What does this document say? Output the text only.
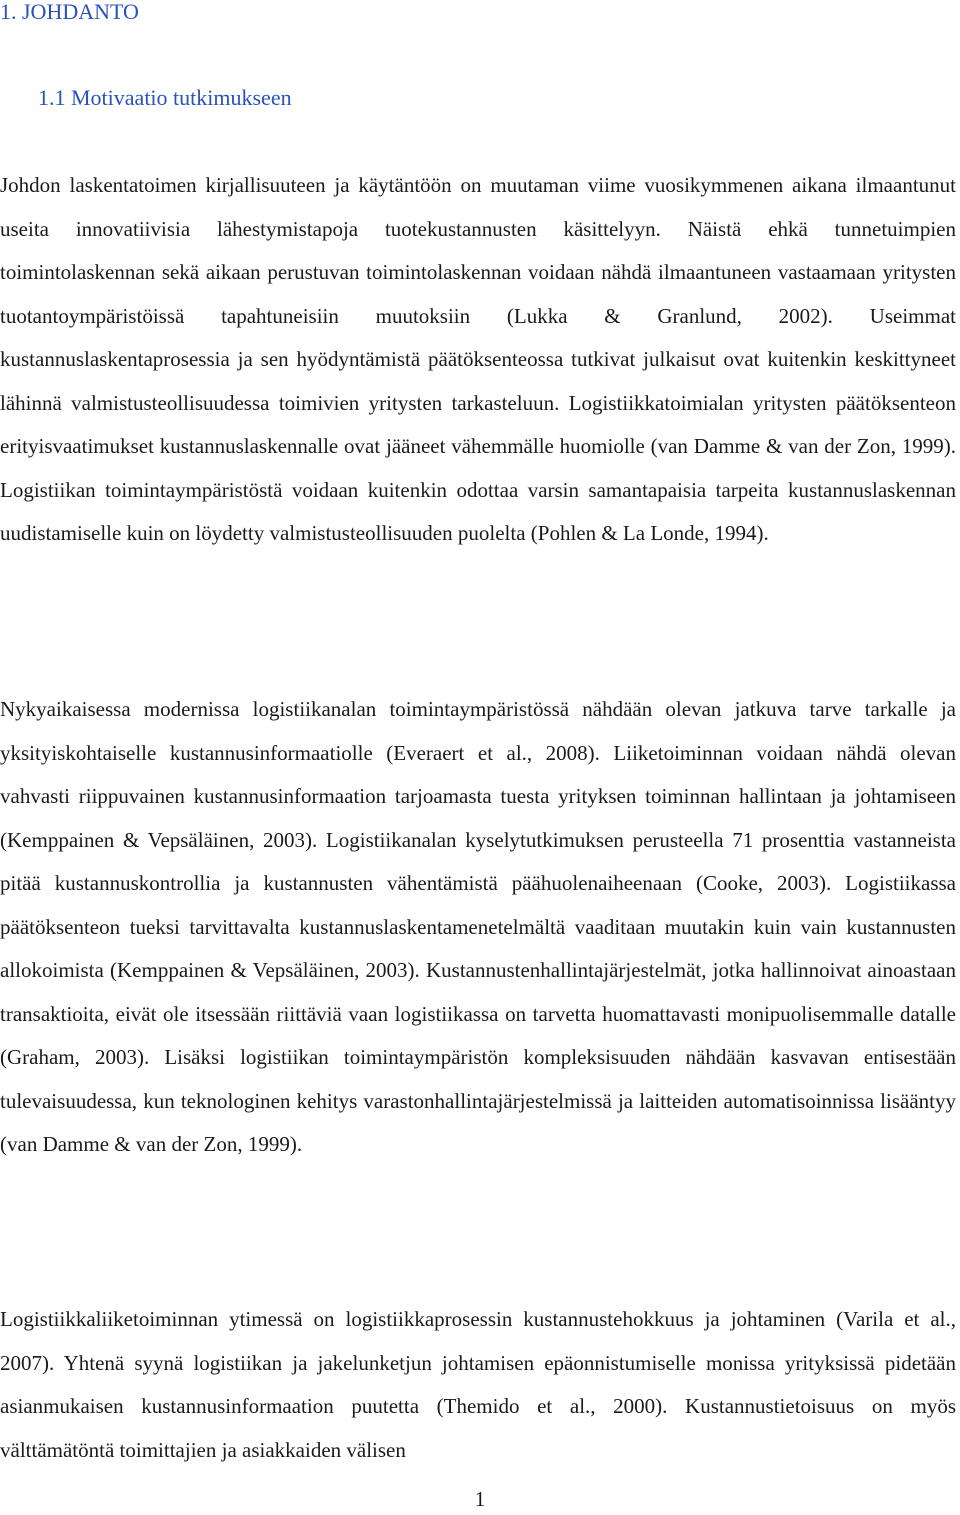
1. JOHDANTO
1.1 Motivaatio tutkimukseen

Johdon laskentatoimen kirjallisuuteen ja käytäntöön on muutaman viime vuosikymmenen aikana ilmaantunut useita innovatiivisia lähestymistapoja tuotekustannusten käsittelyyn. Näistä ehkä tunnetuimpien toimintolaskennan sekä aikaan perustuvan toimintolaskennan voidaan nähdä ilmaantuneen vastaamaan yritysten tuotantoympäristöissä tapahtuneisiin muutoksiin (Lukka & Granlund, 2002). Useimmat kustannuslaskentaprosessia ja sen hyödyntämistä päätöksenteossa tutkivat julkaisut ovat kuitenkin keskittyneet lähinnä valmistusteollisuudessa toimivien yritysten tarkasteluun. Logistiikkatoimialan yritysten päätöksenteon erityisvaatimukset kustannuslaskennalle ovat jääneet vähemmälle huomiolle (van Damme & van der Zon, 1999). Logistiikan toimintaympäristöstä voidaan kuitenkin odottaa varsin samantapaisia tarpeita kustannuslaskennan uudistamiselle kuin on löydetty valmistusteollisuuden puolelta (Pohlen & La Londe, 1994).

Nykyaikaisessa modernissa logistiikanalan toimintaympäristössä nähdään olevan jatkuva tarve tarkalle ja yksityiskohtaiselle kustannusinformaatiolle (Everaert et al., 2008). Liiketoiminnan voidaan nähdä olevan vahvasti riippuvainen kustannusinformaation tarjoamasta tuesta yrityksen toiminnan hallintaan ja johtamiseen (Kemppainen & Vepsäläinen, 2003). Logistiikanalan kyselytutkimuksen perusteella 71 prosenttia vastanneista pitää kustannuskontrollia ja kustannusten vähentämistä päähuolenaiheenaan (Cooke, 2003). Logistiikassa päätöksenteon tueksi tarvittavalta kustannuslaskentamenetelmältä vaaditaan muutakin kuin vain kustannusten allokoimista (Kemppainen & Vepsäläinen, 2003). Kustannustenhallintajärjestelmät, jotka hallinnoivat ainoastaan transaktioita, eivät ole itsessään riittäviä vaan logistiikassa on tarvetta huomattavasti monipuolisemmalle datalle (Graham, 2003). Lisäksi logistiikan toimintaympäristön kompleksisuuden nähdään kasvavan entisestään tulevaisuudessa, kun teknologinen kehitys varastonhallintajärjestelmissä ja laitteiden automatisoinnissa lisääntyy (van Damme & van der Zon, 1999).

Logistiikkaliiketoiminnan ytimessä on logistiikkaprosessin kustannustehokkuus ja johtaminen (Varila et al., 2007). Yhtenä syynä logistiikan ja jakelunketjun johtamisen epäonnistumiselle monissa yrityksissä pidetään asianmukaisen kustannusinformaation puutetta (Themido et al., 2000). Kustannustietoisuus on myös välttämätöntä toimittajien ja asiakkaiden välisen

1
